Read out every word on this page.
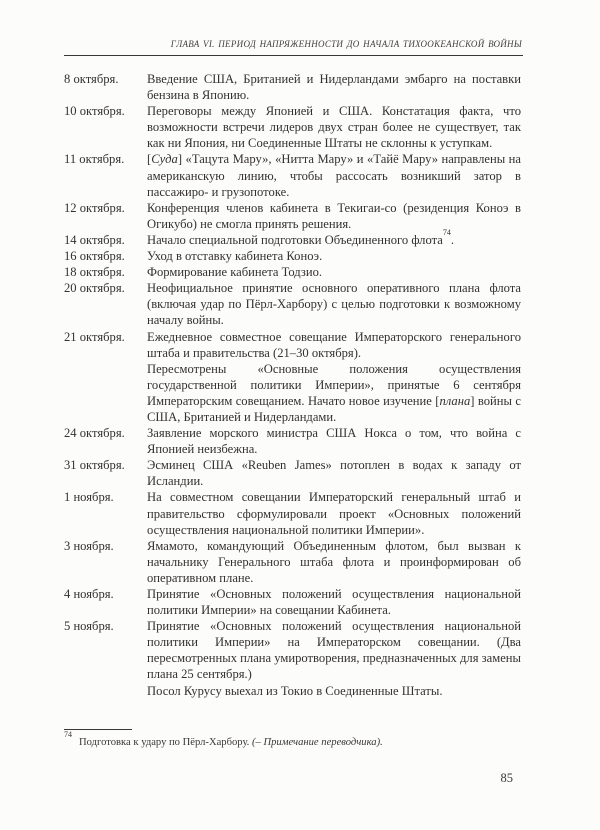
ГЛАВА VI. ПЕРИОД НАПРЯЖЕННОСТИ ДО НАЧАЛА ТИХООКЕАНСКОЙ ВОЙНЫ
8 октября.	Введение США, Британией и Нидерландами эмбарго на поставки бензина в Японию.

10 октября.	Переговоры между Японией и США. Констатация факта, что возможности встречи лидеров двух стран более не существует, так как ни Япония, ни Соединенные Штаты не склонны к уступкам.

11 октября.	[Суда] «Тацута Мару», «Нитта Мару» и «Тайё Мару» направлены на американскую линию, чтобы рассосать возникший затор в пассажиро- и грузопотоке.

12 октября.	Конференция членов кабинета в Текигаи-со (резиденция Коноэ в Огикубо) не смогла принять решения.

14 октября.	Начало специальной подготовки Объединенного флота$^{74}$.

16 октября.	Уход в отставку кабинета Коноэ.

18 октября.	Формирование кабинета Тодзио.

20 октября.	Неофициальное принятие основного оперативного плана флота (включая удар по Пёрл-Харбору) с целью подготовки к возможному началу войны.

21 октября.	Ежедневное совместное совещание Императорского генерального штаба и правительства (21–30 октября).

Пересмотрены «Основные положения осуществления государственной политики Империи», принятые 6 сентября Императорским совещанием. Начато новое изучение [плана] войны с США, Британией и Нидерландами.

24 октября.	Заявление морского министра США Нокса о том, что война с Японией неизбежна.

31 октября.	Эсминец США «Reuben James» потоплен в водах к западу от Исландии.

1 ноября.	На совместном совещании Императорский генеральный штаб и правительство сформулировали проект «Основных положений осуществления национальной политики Империи».

3 ноября.	Ямамото, командующий Объединенным флотом, был вызван к начальнику Генерального штаба флота и проинформирован об оперативном плане.

4 ноября.	Принятие «Основных положений осуществления национальной политики Империи» на совещании Кабинета.

5 ноября.	Принятие «Основных положений осуществления национальной политики Империи» на Императорском совещании. (Два пересмотренных плана умиротворения, предназначенных для замены плана 25 сентября.)

Посол Курусу выехал из Токио в Соединенные Штаты.

$^{74}$Подготовка к удару по Пёрл-Харбору. (– Примечание переводчика).
85
